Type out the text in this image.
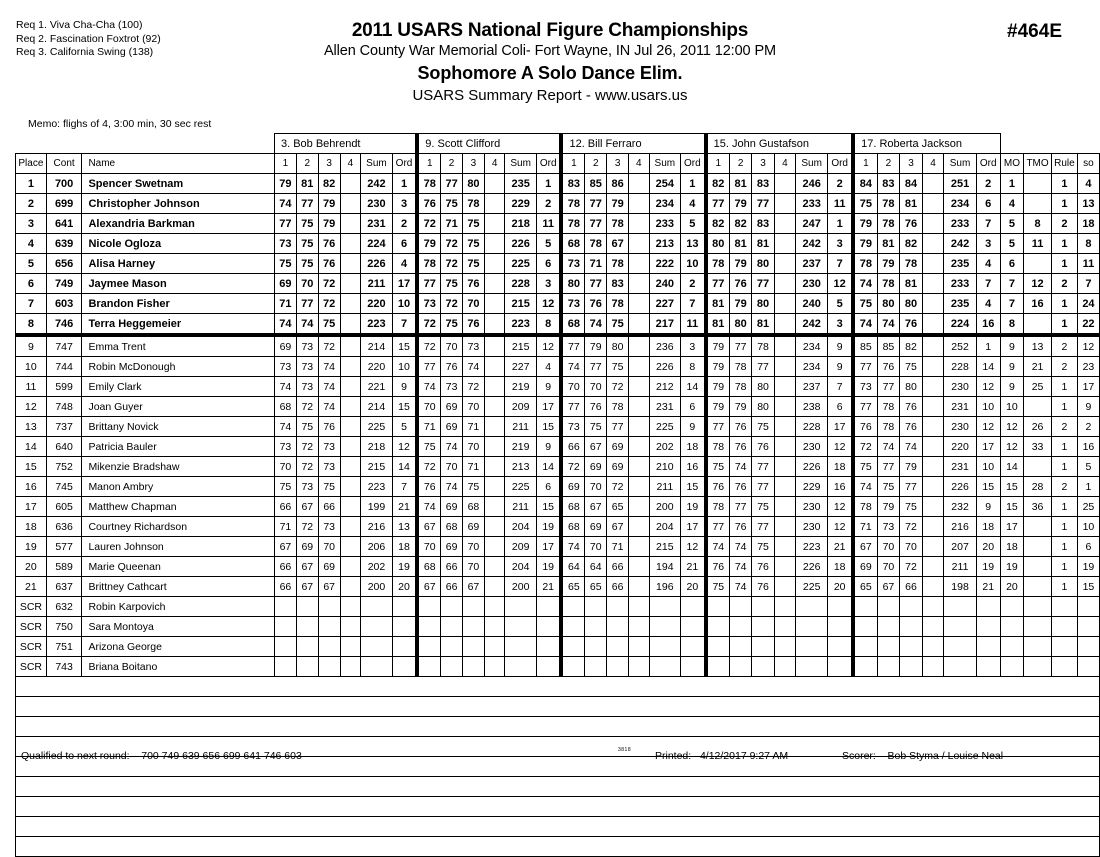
Req 1. Viva Cha-Cha (100)
Req 2. Fascination Foxtrot (92)
Req 3. California Swing (138)
2011 USARS National Figure Championships
Allen County War Memorial Coli- Fort Wayne, IN Jul 26, 2011 12:00 PM
Sophomore A Solo Dance Elim.
USARS Summary Report - www.usars.us
#464E
Memo: flighs of 4, 3:00 min, 30 sec rest
			3. Bob Behrendt						9. Scott Clifford						12. Bill Ferraro						15. John Gustafson						17. Roberta Jackson									
Place	Cont	Name	1	2	3	4	Sum	Ord	1	2	3	4	Sum	Ord	1	2	3	4	Sum	Ord	1	2	3	4	Sum	Ord	1	2	3	4	Sum	Ord	MO	TMO	Rule	so
1	700	Spencer Swetnam	79	81	82		242	1	78	77	80		235	1	83	85	86		254	1	82	81	83		246	2	84	83	84		251	2	1		1	4
2	699	Christopher Johnson	74	77	79		230	3	76	75	78		229	2	78	77	79		234	4	77	79	77		233	11	75	78	81		234	6	4		1	13
3	641	Alexandria Barkman	77	75	79		231	2	72	71	75		218	11	78	77	78		233	5	82	82	83		247	1	79	78	76		233	7	5	8	2	18
4	639	Nicole Ogloza	73	75	76		224	6	79	72	75		226	5	68	78	67		213	13	80	81	81		242	3	79	81	82		242	3	5	11	1	8
5	656	Alisa Harney	75	75	76		226	4	78	72	75		225	6	73	71	78		222	10	78	79	80		237	7	78	79	78		235	4	6		1	11
6	749	Jaymee Mason	69	70	72		211	17	77	75	76		228	3	80	77	83		240	2	77	76	77		230	12	74	78	81		233	7	7	12	2	7
7	603	Brandon Fisher	71	77	72		220	10	73	72	70		215	12	73	76	78		227	7	81	79	80		240	5	75	80	80		235	4	7	16	1	24
8	746	Terra Heggemeier	74	74	75		223	7	72	75	76		223	8	68	74	75		217	11	81	80	81		242	3	74	74	76		224	16	8		1	22
9	747	Emma Trent	69	73	72		214	15	72	70	73		215	12	77	79	80		236	3	79	77	78		234	9	85	85	82		252	1	9	13	2	12
10	744	Robin McDonough	73	73	74		220	10	77	76	74		227	4	74	77	75		226	8	79	78	77		234	9	77	76	75		228	14	9	21	2	23
11	599	Emily Clark	74	73	74		221	9	74	73	72		219	9	70	70	72		212	14	79	78	80		237	7	73	77	80		230	12	9	25	1	17
12	748	Joan Guyer	68	72	74		214	15	70	69	70		209	17	77	76	78		231	6	79	79	80		238	6	77	78	76		231	10	10		1	9
13	737	Brittany Novick	74	75	76		225	5	71	69	71		211	15	73	75	77		225	9	77	76	75		228	17	76	78	76		230	12	12	26	2	2
14	640	Patricia Bauler	73	72	73		218	12	75	74	70		219	9	66	67	69		202	18	78	76	76		230	12	72	74	74		220	17	12	33	1	16
15	752	Mikenzie Bradshaw	70	72	73		215	14	72	70	71		213	14	72	69	69		210	16	75	74	77		226	18	75	77	79		231	10	14		1	5
16	745	Manon Ambry	75	73	75		223	7	76	74	75		225	6	69	70	72		211	15	76	76	77		229	16	74	75	77		226	15	15	28	2	1
17	605	Matthew Chapman	66	67	66		199	21	74	69	68		211	15	68	67	65		200	19	78	77	75		230	12	78	79	75		232	9	15	36	1	25
18	636	Courtney Richardson	71	72	73		216	13	67	68	69		204	19	68	69	67		204	17	77	76	77		230	12	71	73	72		216	18	17		1	10
19	577	Lauren Johnson	67	69	70		206	18	70	69	70		209	17	74	70	71		215	12	74	74	75		223	21	67	70	70		207	20	18		1	6
20	589	Marie Queenan	66	67	69		202	19	68	66	70		204	19	64	64	66		194	21	76	74	76		226	18	69	70	72		211	19	19		1	19
21	637	Brittney Cathcart	66	67	67		200	20	67	66	67		200	21	65	65	66		196	20	75	74	76		225	20	65	67	66		198	21	20		1	15
SCR	632	Robin Karpovich																																		
SCR	750	Sara Montoya																																		
SCR	751	Arizona George																																		
SCR	743	Briana Boitano																																		

Qualified to next round: 700 749 639 656 699 641 746 603	3818 Printed: 4/12/2017 9:27 AM	Scorer: Bob Styma / Louise Neal
